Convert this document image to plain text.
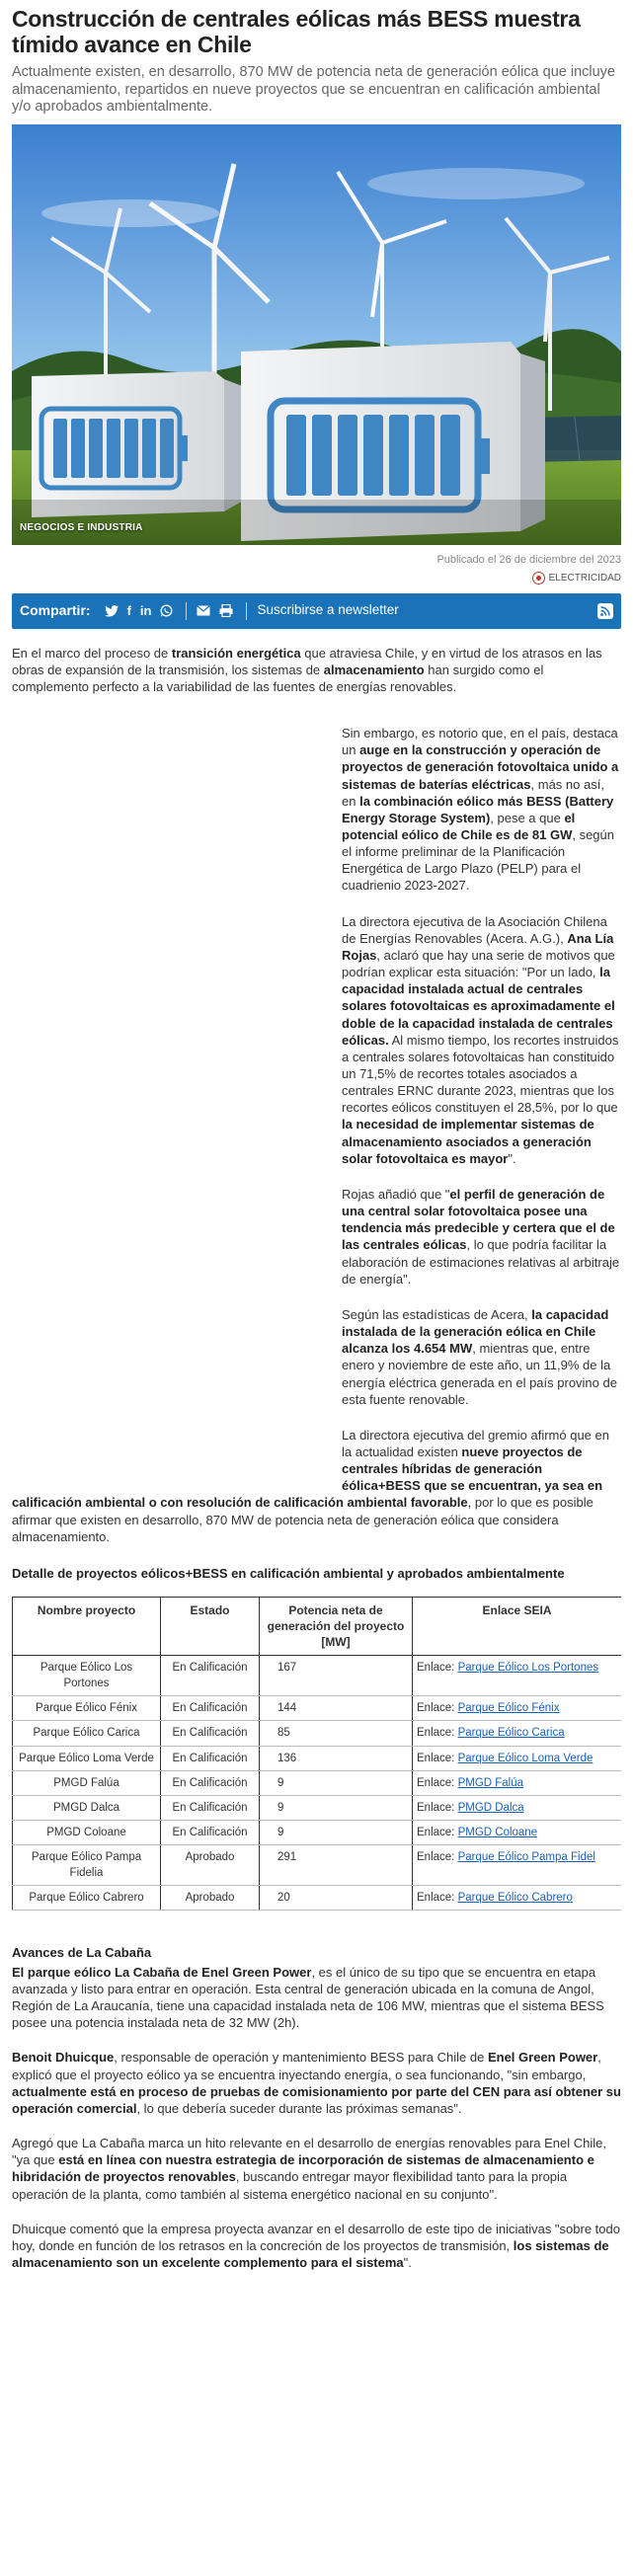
Construcción de centrales eólicas más BESS muestra tímido avance en Chile

Actualmente existen, en desarrollo, 870 MW de potencia neta de generación eólica que incluye almacenamiento, repartidos en nueve proyectos que se encuentran en calificación ambiental y/o aprobados ambientalmente.

NEGOCIOS E INDUSTRIA
Publicado el 26 de diciembre del 2023
ELECTRICIDAD
Compartir:	f in	Suscribirse a newsletter

En el marco del proceso de transición energética que atraviesa Chile, y en virtud de los atrasos en las obras de expansión de la transmisión, los sistemas de almacenamiento han surgido como el complemento perfecto a la variabilidad de las fuentes de energías renovables.

Sin embargo, es notorio que, en el país, destaca un auge en la construcción y operación de proyectos de generación fotovoltaica unido a sistemas de baterías eléctricas, más no así, en la combinación eólico más BESS (Battery Energy Storage System), pese a que el potencial eólico de Chile es de 81 GW, según el informe preliminar de la Planificación Energética de Largo Plazo (PELP) para el cuadrienio 2023-2027.

La directora ejecutiva de la Asociación Chilena de Energías Renovables (Acera. A.G.), Ana Lía Rojas, aclaró que hay una serie de motivos que podrían explicar esta situación: "Por un lado, la capacidad instalada actual de centrales solares fotovoltaicas es aproximadamente el doble de la capacidad instalada de centrales eólicas. Al mismo tiempo, los recortes instruidos a centrales solares fotovoltaicas han constituido un 71,5% de recortes totales asociados a centrales ERNC durante 2023, mientras que los recortes eólicos constituyen el 28,5%, por lo que la necesidad de implementar sistemas de almacenamiento asociados a generación solar fotovoltaica es mayor".

Rojas añadió que "el perfil de generación de una central solar fotovoltaica posee una tendencia más predecible y certera que el de las centrales eólicas, lo que podría facilitar la elaboración de estimaciones relativas al arbitraje de energía".

Según las estadísticas de Acera, la capacidad instalada de la generación eólica en Chile alcanza los 4.654 MW, mientras que, entre enero y noviembre de este año, un 11,9% de la energía eléctrica generada en el país provino de esta fuente renovable.

La directora ejecutiva del gremio afirmó que en la actualidad existen nueve proyectos de centrales híbridas de generación éólica+BESS que se encuentran, ya sea en

calificación ambiental o con resolución de calificación ambiental favorable, por lo que es posible afirmar que existen en desarrollo, 870 MW de potencia neta de generación eólica que considera almacenamiento.

Detalle de proyectos eólicos+BESS en calificación ambiental y aprobados ambientalmente
Nombre proyecto	Estado	Potencia neta de generación del proyecto [MW]	Enlace SEIA
Parque Eólico Los Portones	En Calificación	167	Enlace: Parque Eólico Los Portones
Parque Eólico Fénix	En Calificación	144	Enlace: Parque Eólico Fénix
Parque Eólico Carica	En Calificación	85	Enlace: Parque Eólico Carica
Parque Eólico Loma Verde	En Calificación	136	Enlace: Parque Eólico Loma Verde
PMGD Falúa	En Calificación	9	Enlace: PMGD Falúa
PMGD Dalca	En Calificación	9	Enlace: PMGD Dalca
PMGD Coloane	En Calificación	9	Enlace: PMGD Coloane
Parque Eólico Pampa Fidelia	Aprobado	291	Enlace: Parque Eólico Pampa Fidel
Parque Eólico Cabrero	Aprobado	20	Enlace: Parque Eólico Cabrero
Avances de La Cabaña

El parque eólico La Cabaña de Enel Green Power, es el único de su tipo que se encuentra en etapa avanzada y listo para entrar en operación. Esta central de generación ubicada en la comuna de Angol, Región de La Araucanía, tiene una capacidad instalada neta de 106 MW, mientras que el sistema BESS posee una potencia instalada neta de 32 MW (2h).

Benoit Dhuicque, responsable de operación y mantenimiento BESS para Chile de Enel Green Power, explicó que el proyecto eólico ya se encuentra inyectando energía, o sea funcionando, "sin embargo, actualmente está en proceso de pruebas de comisionamiento por parte del CEN para así obtener su operación comercial, lo que debería suceder durante las próximas semanas".

Agregó que La Cabaña marca un hito relevante en el desarrollo de energías renovables para Enel Chile, "ya que está en línea con nuestra estrategia de incorporación de sistemas de almacenamiento e hibridación de proyectos renovables, buscando entregar mayor flexibilidad tanto para la propia operación de la planta, como también al sistema energético nacional en su conjunto".

Dhuicque comentó que la empresa proyecta avanzar en el desarrollo de este tipo de iniciativas "sobre todo hoy, donde en función de los retrasos en la concreción de los proyectos de transmisión, los sistemas de almacenamiento son un excelente complemento para el sistema".
